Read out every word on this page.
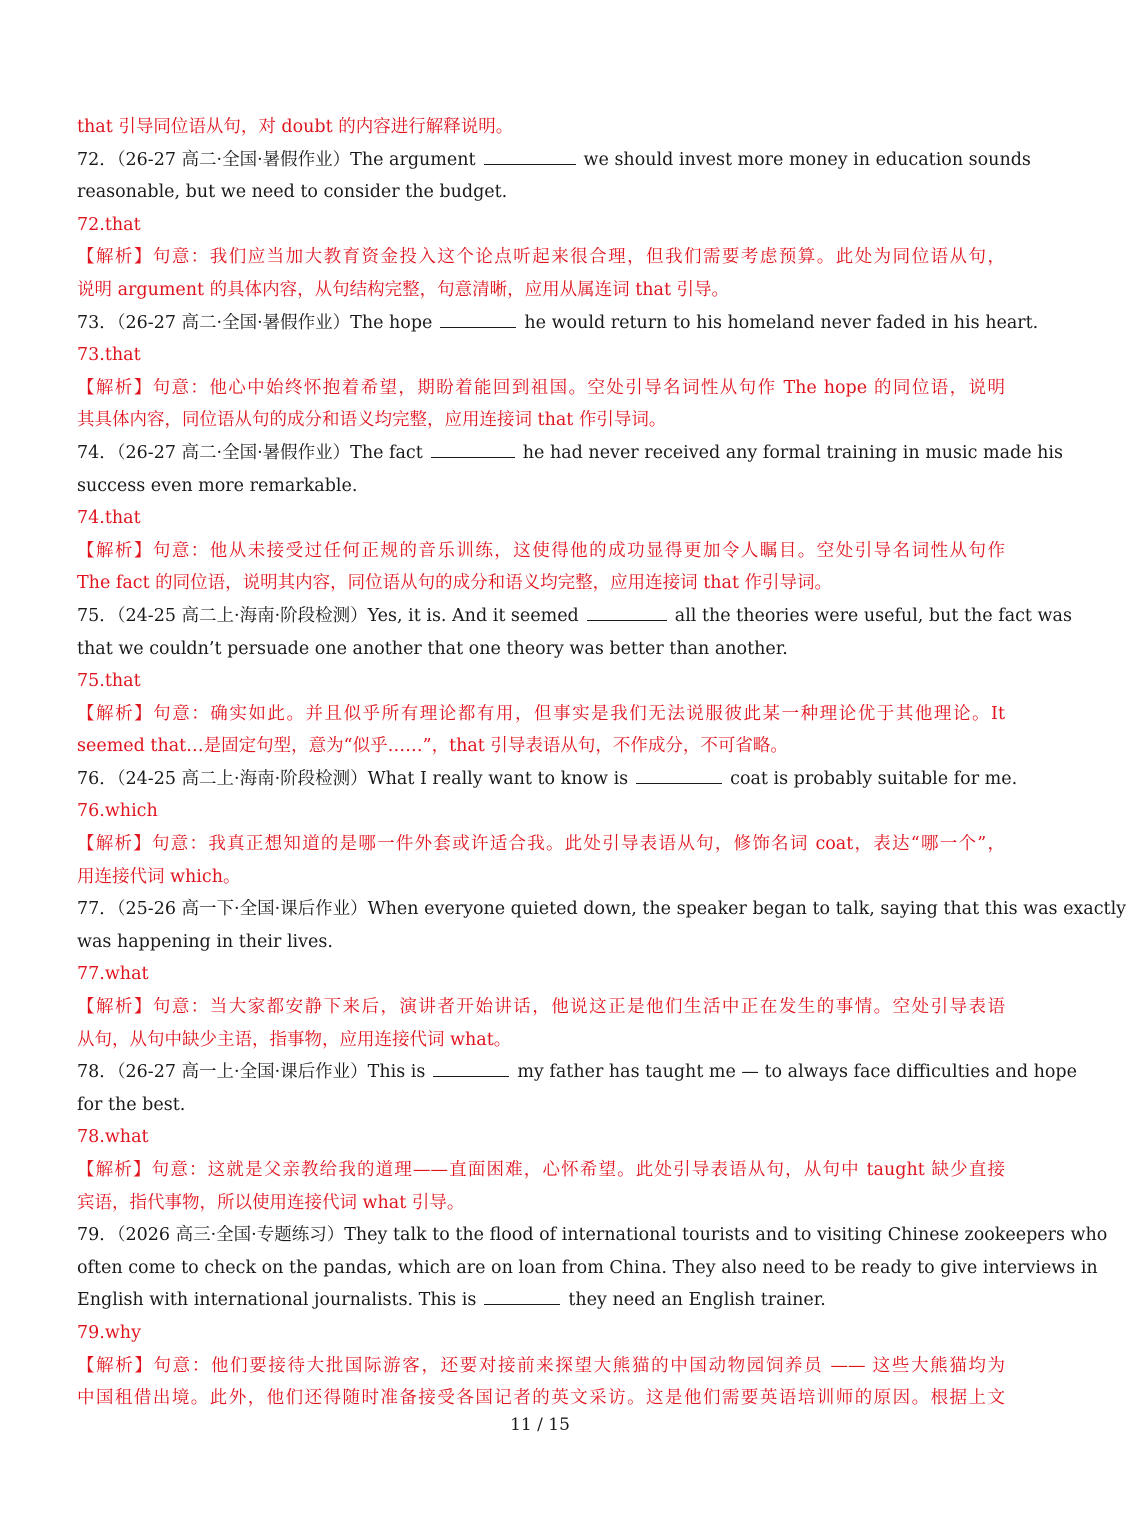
that 引导同位语从句，对 doubt 的内容进行解释说明。
72．（26-27 高二·全国·暑假作业）The argument	we should invest more money in education sounds
reasonable, but we need to consider the budget.
72.that
【解析】句意：我们应当加大教育资金投入这个论点听起来很合理，但我们需要考虑预算。此处为同位语从句，
说明 argument 的具体内容，从句结构完整，句意清晰，应用从属连词 that 引导。
73．（26-27 高二·全国·暑假作业）The hope	he would return to his homeland never faded in his heart.
73.that
【解析】句意：他心中始终怀抱着希望，期盼着能回到祖国。空处引导名词性从句作 The hope 的同位语，说明
其具体内容，同位语从句的成分和语义均完整，应用连接词 that 作引导词。
74．（26-27 高二·全国·暑假作业）The fact	he had never received any formal training in music made his
success even more remarkable.
74.that
【解析】句意：他从未接受过任何正规的音乐训练，这使得他的成功显得更加令人瞩目。空处引导名词性从句作
The fact 的同位语，说明其内容，同位语从句的成分和语义均完整，应用连接词 that 作引导词。
75．（24-25 高二上·海南·阶段检测）Yes, it is. And it seemed	all the theories were useful, but the fact was
that we couldn’t persuade one another that one theory was better than another.
75.that
【解析】句意：确实如此。并且似乎所有理论都有用，但事实是我们无法说服彼此某一种理论优于其他理论。It
seemed that…是固定句型，意为“似乎……”，that 引导表语从句，不作成分，不可省略。
76．（24-25 高二上·海南·阶段检测）What I really want to know is	coat is probably suitable for me.
76.which
【解析】句意：我真正想知道的是哪一件外套或许适合我。此处引导表语从句，修饰名词 coat，表达“哪一个”，
用连接代词 which。
77．（25-26 高一下·全国·课后作业）When everyone quieted down, the speaker began to talk, saying that this was exactly
was happening in their lives.
77.what
【解析】句意：当大家都安静下来后，演讲者开始讲话，他说这正是他们生活中正在发生的事情。空处引导表语
从句，从句中缺少主语，指事物，应用连接代词 what。
78．（26-27 高一上·全国·课后作业）This is	my father has taught me — to always face difficulties and hope
for the best.
78.what
【解析】句意：这就是父亲教给我的道理——直面困难，心怀希望。此处引导表语从句，从句中 taught 缺少直接
宾语，指代事物，所以使用连接代词 what 引导。
79．（2026 高三·全国·专题练习）They talk to the flood of international tourists and to visiting Chinese zookeepers who
often come to check on the pandas, which are on loan from China. They also need to be ready to give interviews in
English with international journalists. This is	they need an English trainer.
79.why
【解析】句意：他们要接待大批国际游客，还要对接前来探望大熊猫的中国动物园饲养员 —— 这些大熊猫均为
中国租借出境。此外，他们还得随时准备接受各国记者的英文采访。这是他们需要英语培训师的原因。根据上文
11 / 15
